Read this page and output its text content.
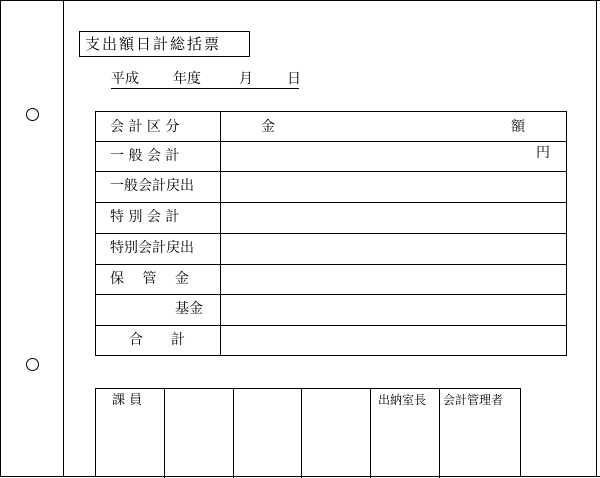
支出額日計総括票
平成 年度	月 日
会 計 区 分	金	額
一 般 会 計	円
一般会計戻出
特 別 会 計
特別会計戻出
保　 管　 金
基金
合　　計
課 員	出納室長 会計管理者
